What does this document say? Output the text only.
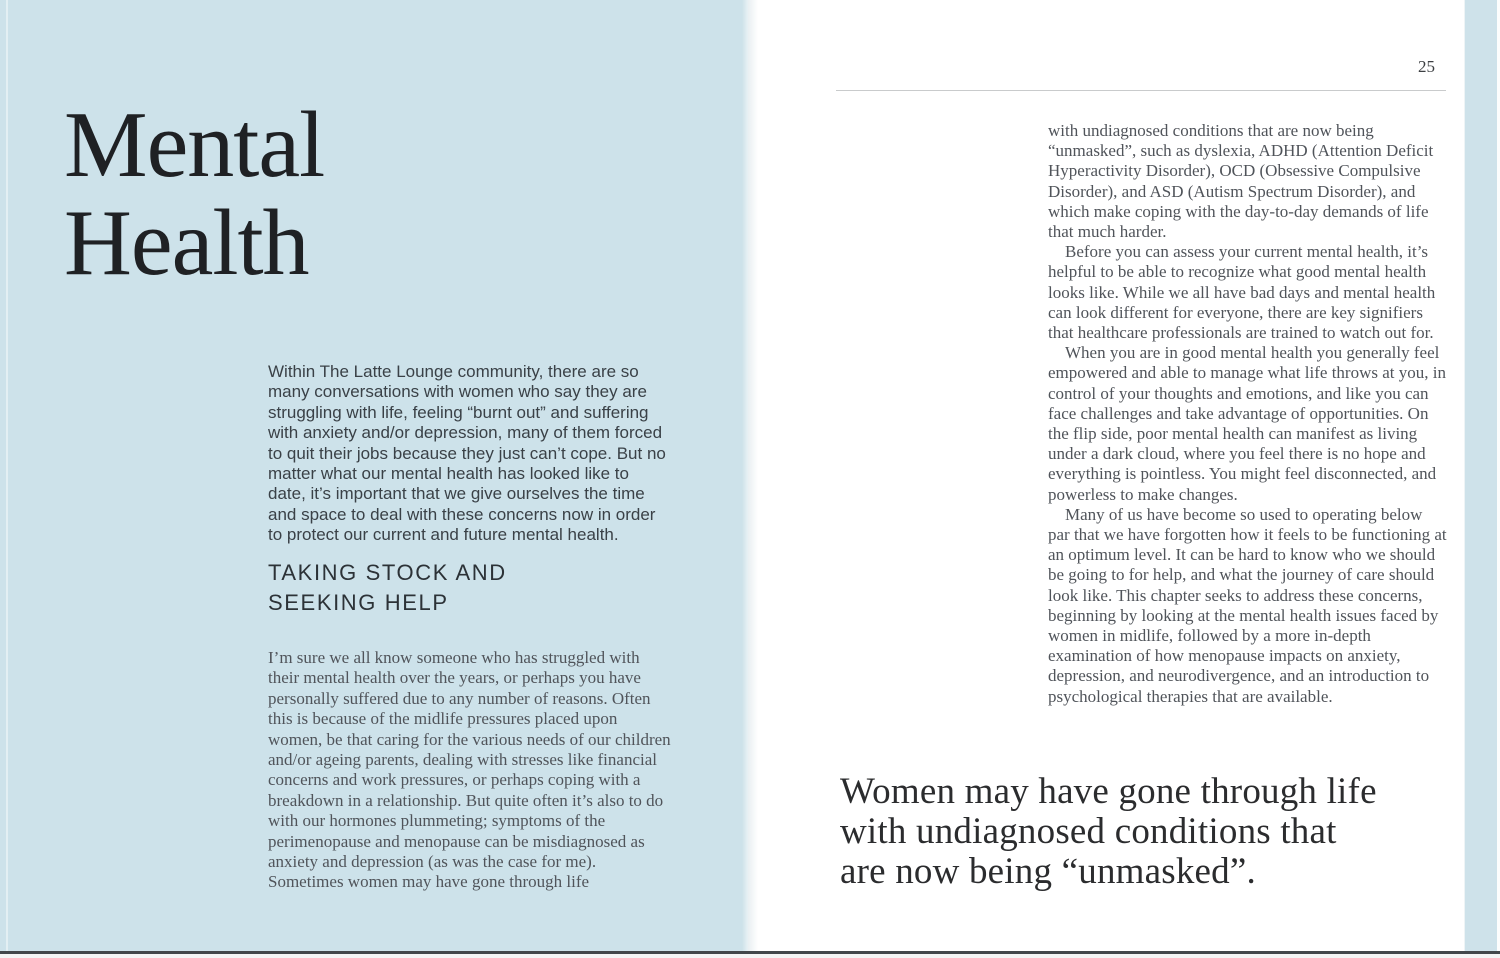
Mental
Health
Within The Latte Lounge community, there are so many conversations with women who say they are struggling with life, feeling “burnt out” and suffering with anxiety and/or depression, many of them forced to quit their jobs because they just can’t cope. But no matter what our mental health has looked like to date, it’s important that we give ourselves the time and space to deal with these concerns now in order to protect our current and future mental health.
TAKING STOCK AND
SEEKING HELP
I’m sure we all know someone who has struggled with their mental health over the years, or perhaps you have personally suffered due to any number of reasons. Often this is because of the midlife pressures placed upon women, be that caring for the various needs of our children and/or ageing parents, dealing with stresses like financial concerns and work pressures, or perhaps coping with a breakdown in a relationship. But quite often it’s also to do with our hormones plummeting; symptoms of the perimenopause and menopause can be misdiagnosed as anxiety and depression (as was the case for me). Sometimes women may have gone through life
25

with undiagnosed conditions that are now being “unmasked”, such as dyslexia, ADHD (Attention Deficit Hyperactivity Disorder), OCD (Obsessive Compulsive Disorder), and ASD (Autism Spectrum Disorder), and which make coping with the day-to-day demands of life that much harder.

Before you can assess your current mental health, it’s helpful to be able to recognize what good mental health looks like. While we all have bad days and mental health can look different for everyone, there are key signifiers that healthcare professionals are trained to watch out for.

When you are in good mental health you generally feel empowered and able to manage what life throws at you, in control of your thoughts and emotions, and like you can face challenges and take advantage of opportunities. On the flip side, poor mental health can manifest as living under a dark cloud, where you feel there is no hope and everything is pointless. You might feel disconnected, and powerless to make changes.

Many of us have become so used to operating below par that we have forgotten how it feels to be functioning at an optimum level. It can be hard to know who we should be going to for help, and what the journey of care should look like. This chapter seeks to address these concerns, beginning by looking at the mental health issues faced by women in midlife, followed by a more in-depth examination of how menopause impacts on anxiety, depression, and neurodivergence, and an introduction to psychological therapies that are available.

Women may have gone through life
with undiagnosed conditions that
are now being “unmasked”.
